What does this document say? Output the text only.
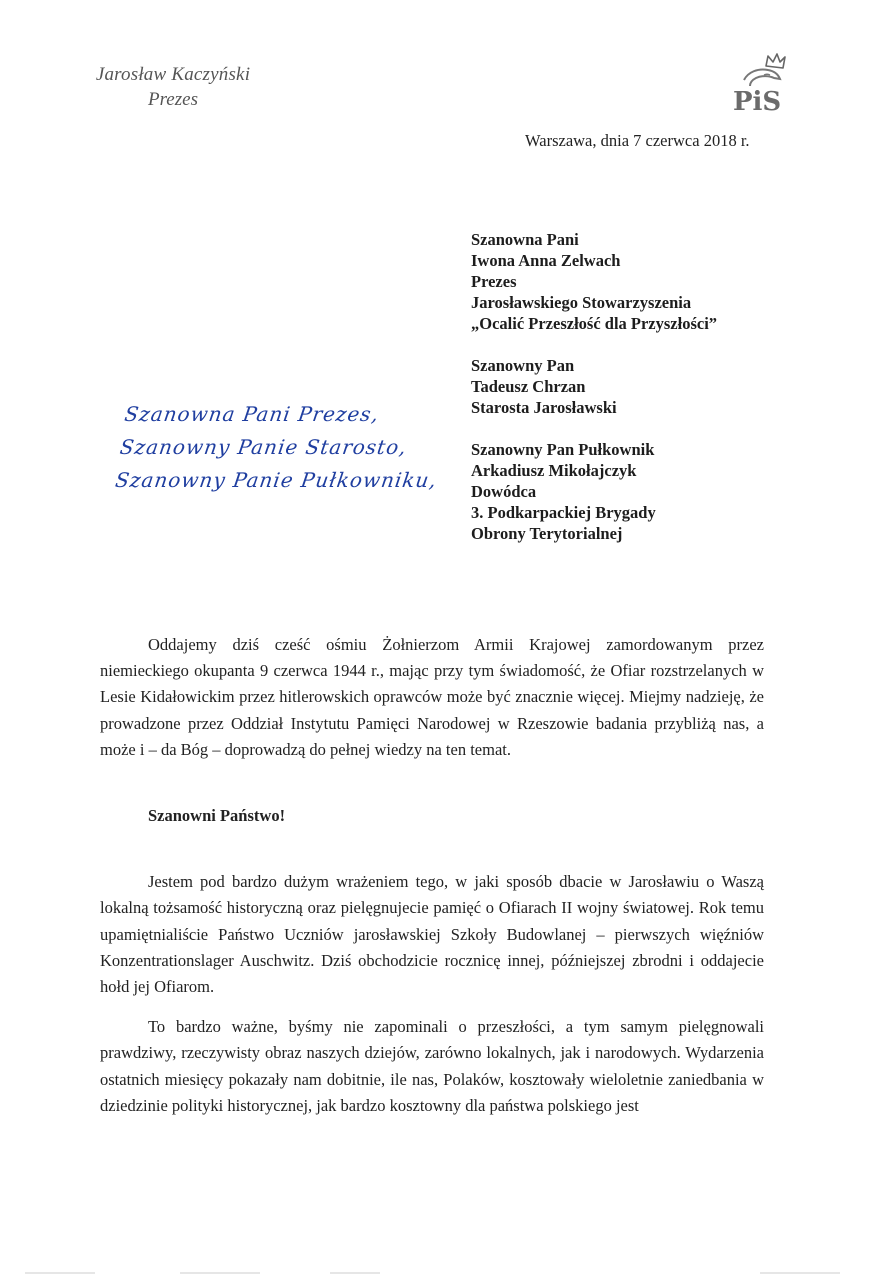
Jarosław Kaczyński
Prezes	PiS
Warszawa, dnia 7 czerwca 2018 r.
Szanowna Pani
Iwona Anna Zelwach
Prezes
Jarosławskiego Stowarzyszenia
„Ocalić Przeszłość dla Przyszłości”
Szanowny Pan
Tadeusz Chrzan
Starosta Jarosławski
Szanowny Pan Pułkownik
Arkadiusz Mikołajczyk
Dowódca
3. Podkarpackiej Brygady
Obrony Terytorialnej
Szanowna Pani Prezes,
Szanowny Panie Starosto,
Szanowny Panie Pułkowniku,

Oddajemy dziś cześć ośmiu Żołnierzom Armii Krajowej zamordowanym przez niemieckiego okupanta 9 czerwca 1944 r., mając przy tym świadomość, że Ofiar rozstrzelanych w Lesie Kidałowickim przez hitlerowskich oprawców może być znacznie więcej. Miejmy nadzieję, że prowadzone przez Oddział Instytutu Pamięci Narodowej w Rzeszowie badania przybliżą nas, a może i – da Bóg – doprowadzą do pełnej wiedzy na ten temat.

Szanowni Państwo!

Jestem pod bardzo dużym wrażeniem tego, w jaki sposób dbacie w Jarosławiu o Waszą lokalną tożsamość historyczną oraz pielęgnujecie pamięć o Ofiarach II wojny światowej. Rok temu upamiętnialiście Państwo Uczniów jarosławskiej Szkoły Budowlanej – pierwszych więźniów Konzentrationslager Auschwitz. Dziś obchodzicie rocznicę innej, późniejszej zbrodni i oddajecie hołd jej Ofiarom.

To bardzo ważne, byśmy nie zapominali o przeszłości, a tym samym pielęgnowali prawdziwy, rzeczywisty obraz naszych dziejów, zarówno lokalnych, jak i narodowych. Wydarzenia ostatnich miesięcy pokazały nam dobitnie, ile nas, Polaków, kosztowały wieloletnie zaniedbania w dziedzinie polityki historycznej, jak bardzo kosztowny dla państwa polskiego jest
